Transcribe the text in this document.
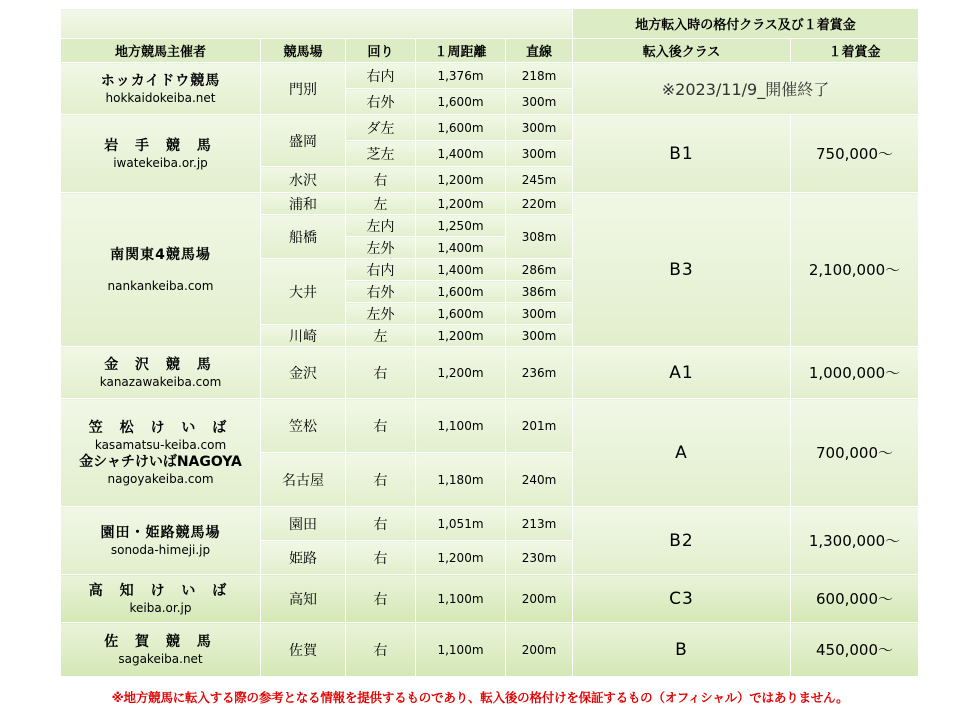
					地方転入時の格付クラス及び１着賞金	
地方競馬主催者	競馬場	回り	１周距離	直線	転入後クラス	１着賞金

ホッカイドウ競馬
hokkaidokeiba.net	門別	右内	1,376m	218m	※2023/11/9_開催終了	
		右外	1,600m	300m		

岩 手 競 馬
iwatekeiba.or.jp	盛岡	ダ左	1,600m	300m	B1	750,000～
		芝左	1,400m	300m		
	水沢	右	1,200m	245m		

南関東4競馬場
nankankeiba.com	浦和	左	1,200m	220m	B3	2,100,000～
	船橋	左内	1,250m	308m		
		左外	1,400m			
	大井	右内	1,400m	286m		
		右外	1,600m	386m		
		左外	1,600m	300m		
	川崎	左	1,200m	300m		

金 沢 競 馬
kanazawakeiba.com	金沢	右	1,200m	236m	A1	1,000,000～

笠 松 け い ば
kasamatsu-keiba.com
金シャチけいばNAGOYA
nagoyakeiba.com	笠松	右	1,100m	201m	A	700,000～
	名古屋	右	1,180m	240m		

園田・姫路競馬場
sonoda-himeji.jp	園田	右	1,051m	213m	B2	1,300,000～
	姫路	右	1,200m	230m		

高 知 け い ば
keiba.or.jp	高知	右	1,100m	200m	C3	600,000～

佐 賀 競 馬
sagakeiba.net	佐賀	右	1,100m	200m	B	450,000～
※地方競馬に転入する際の参考となる情報を提供するものであり、転入後の格付けを保証するもの（オフィシャル）ではありません。
